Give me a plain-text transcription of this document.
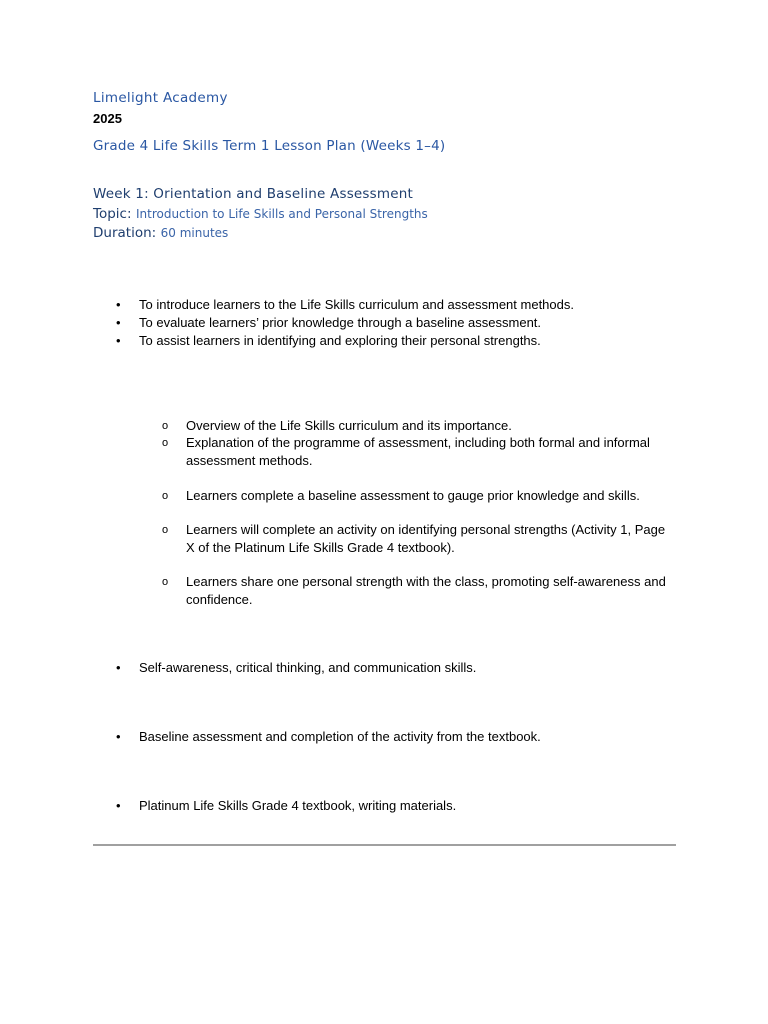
Limelight Academy

2025

Grade 4 Life Skills Term 1 Lesson Plan (Weeks 1–4)

Week 1: Orientation and Baseline Assessment

Topic: Introduction to Life Skills and Personal Strengths

Duration: 60 minutes

• To introduce learners to the Life Skills curriculum and assessment methods.
• To evaluate learners’ prior knowledge through a baseline assessment.
• To assist learners in identifying and exploring their personal strengths.
o Overview of the Life Skills curriculum and its importance.
o Explanation of the programme of assessment, including both formal and informal assessment methods.
o Learners complete a baseline assessment to gauge prior knowledge and skills.
o Learners will complete an activity on identifying personal strengths (Activity 1, Page X of the Platinum Life Skills Grade 4 textbook).
o Learners share one personal strength with the class, promoting self-awareness and confidence.
• Self-awareness, critical thinking, and communication skills.
• Baseline assessment and completion of the activity from the textbook.
• Platinum Life Skills Grade 4 textbook, writing materials.
